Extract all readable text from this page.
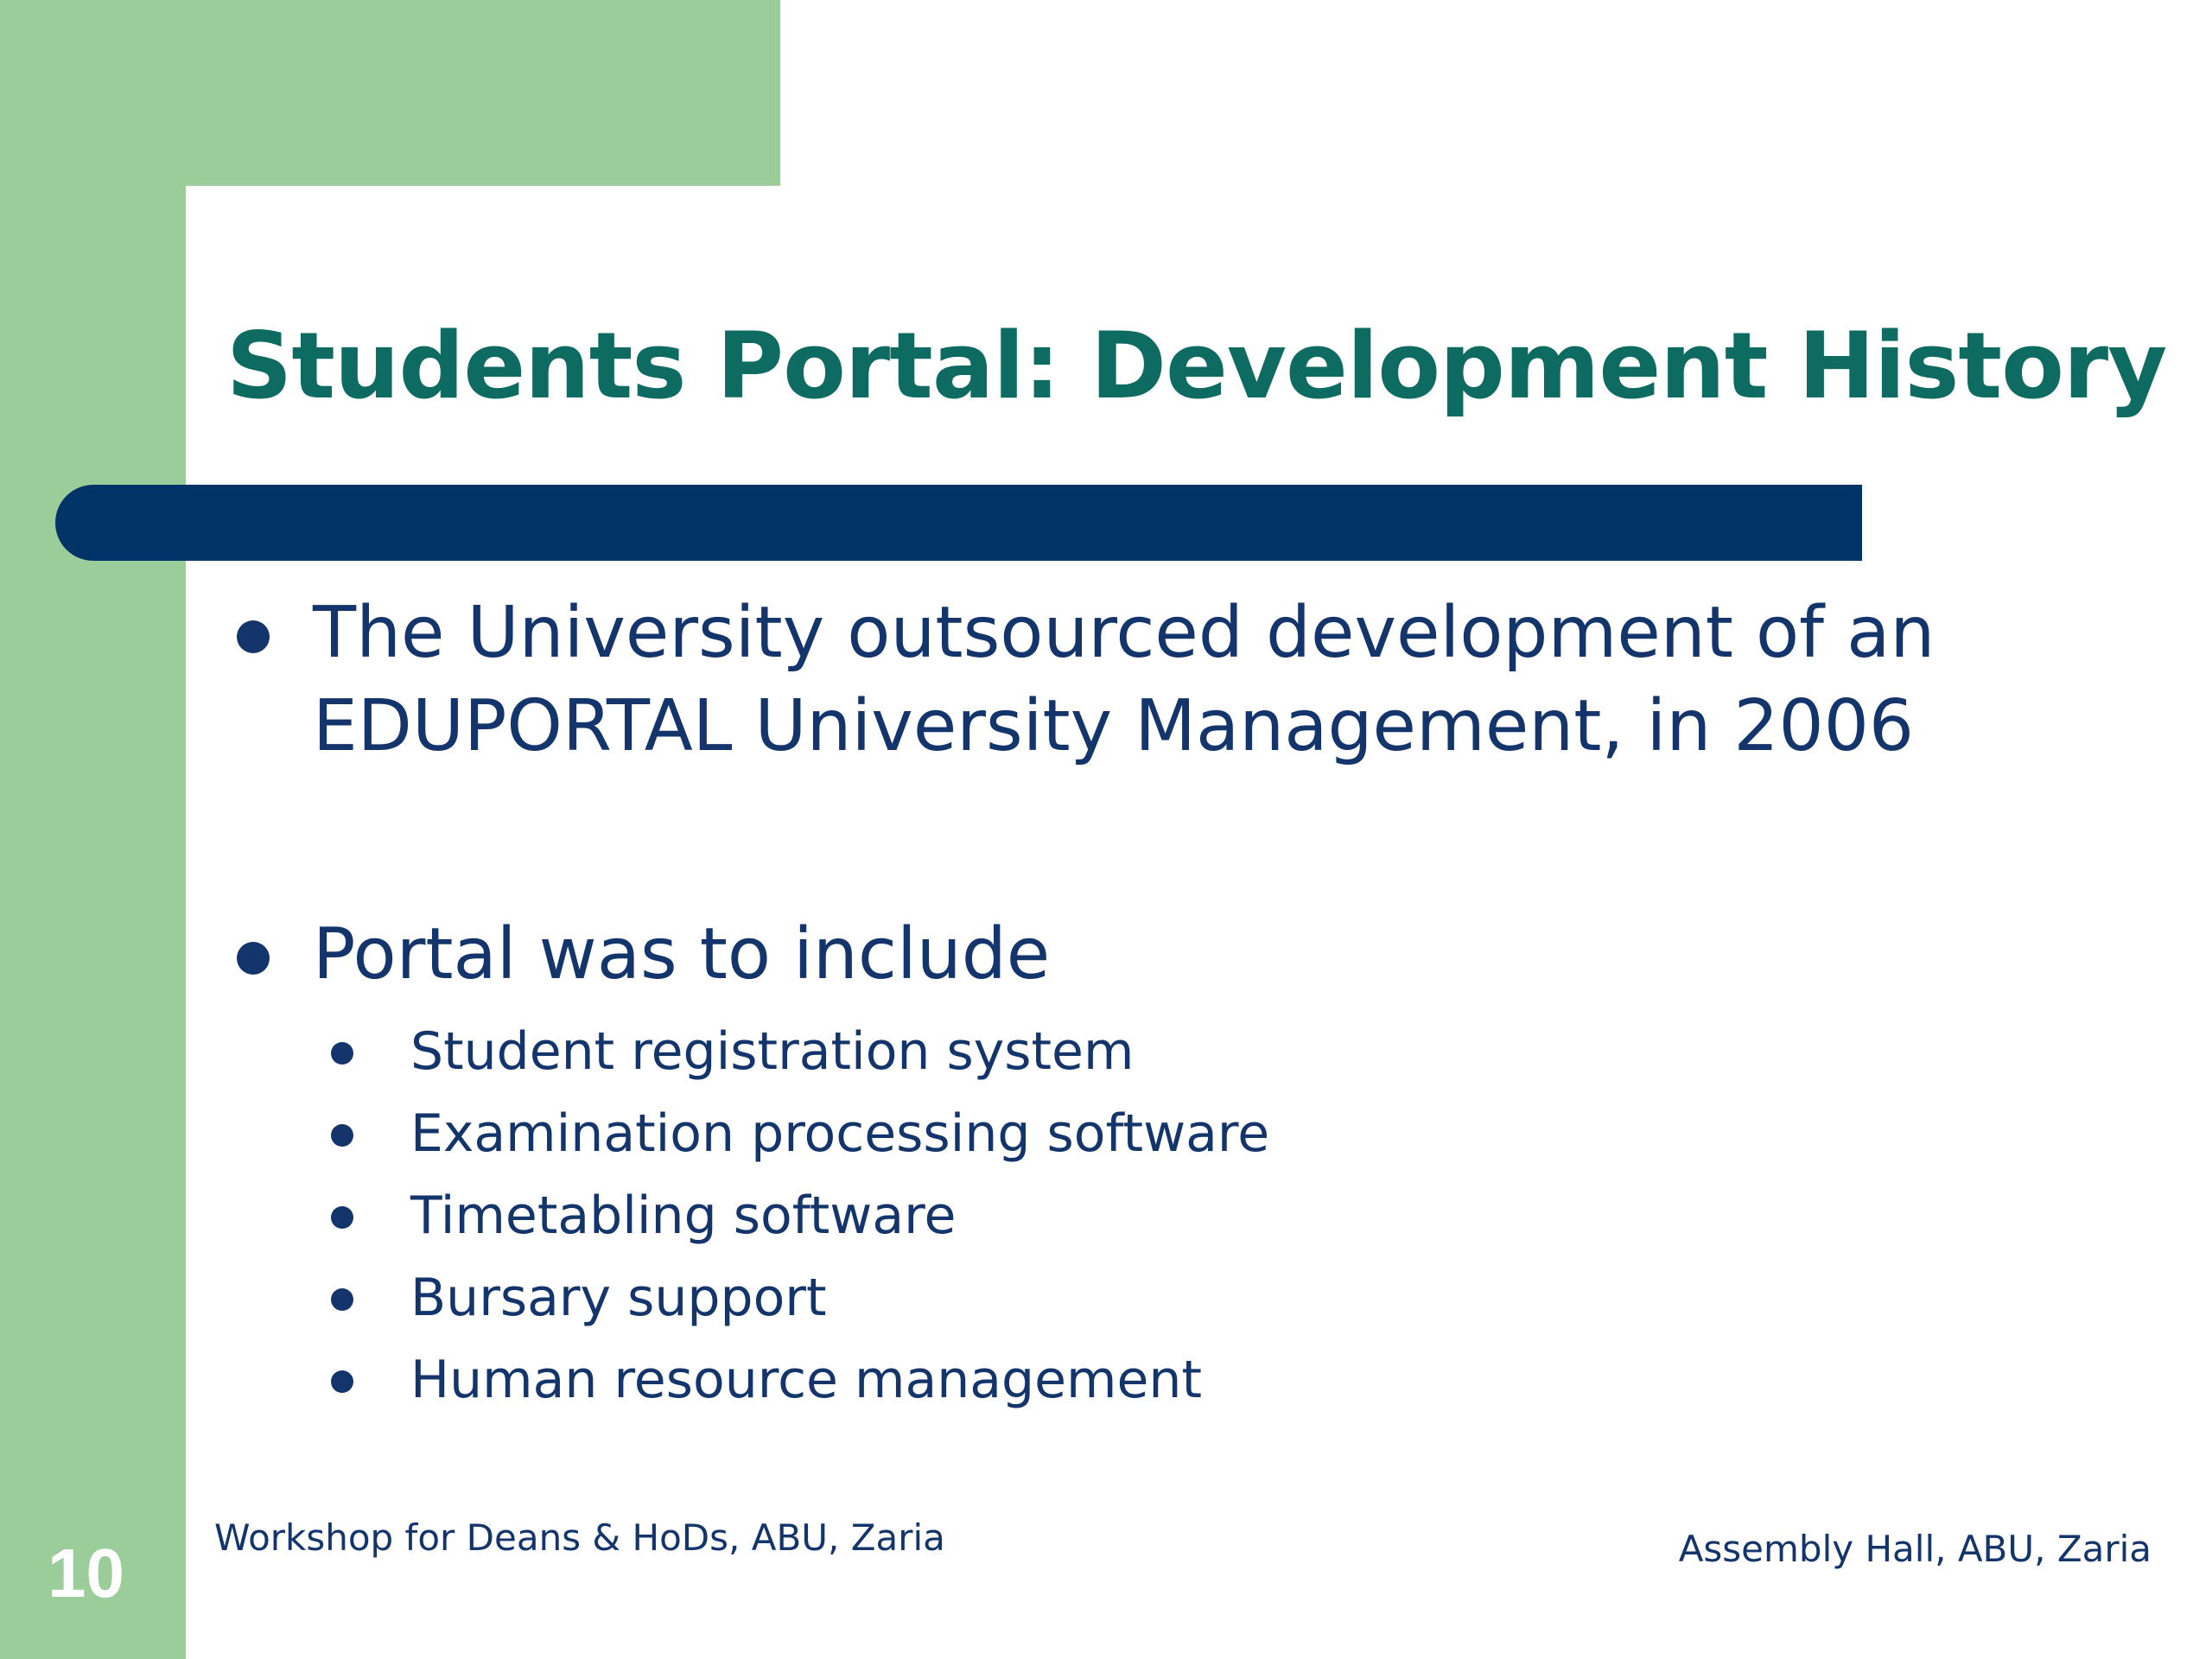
Students Portal: Development History
The University outsourced development of an
EDUPORTAL University Management, in 2006
Portal was to include
Student registration system
Examination processing software
Timetabling software
Bursary support
Human resource management
Workshop for Deans & HoDs, ABU, Zaria	Assembly Hall, ABU, Zaria
10
